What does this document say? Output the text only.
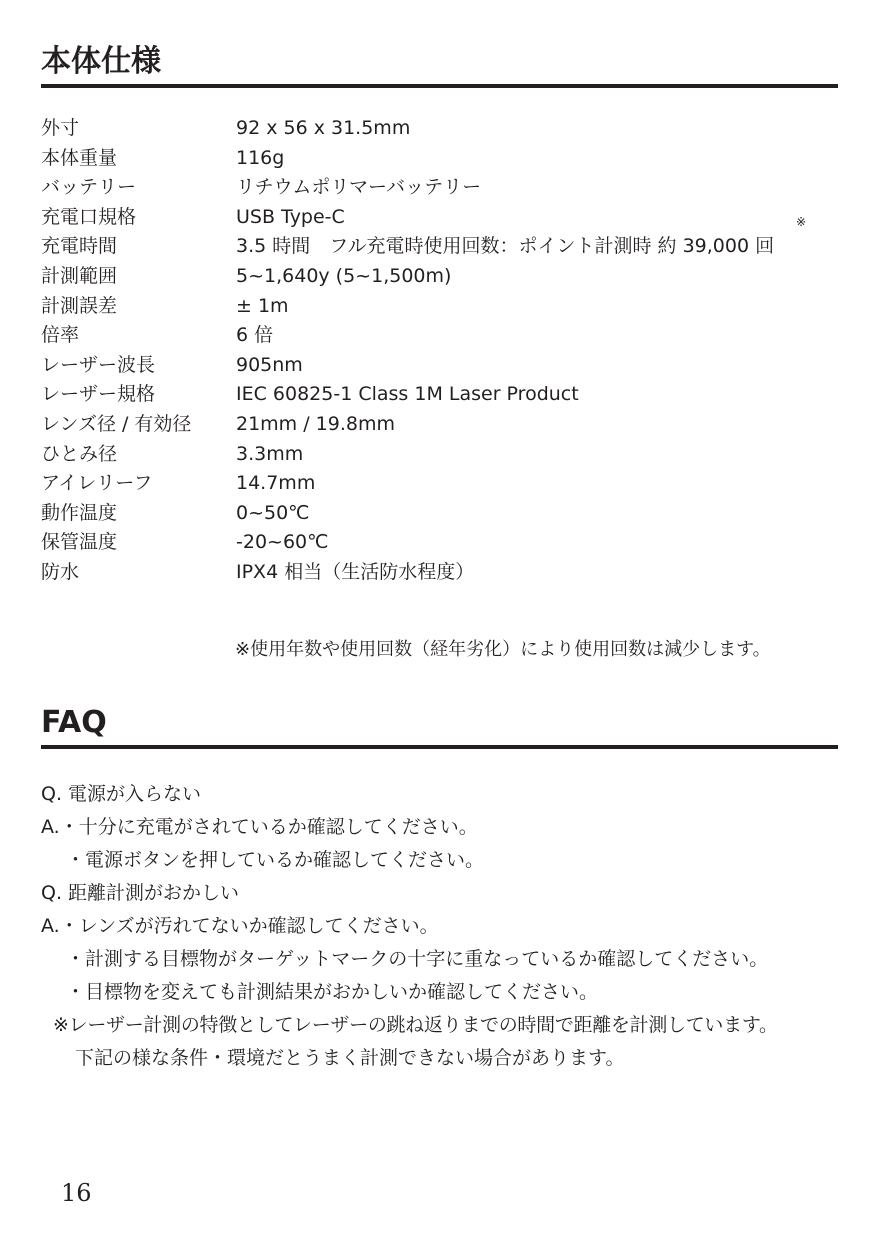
本体仕様
外寸	92 x 56 x 31.5mm
本体重量	116g
バッテリー	リチウムポリマーバッテリー
充電口規格	USB Type-C
充電時間	3.5 時間　フル充電時使用回数：ポイント計測時 約 39,000 回
計測範囲	5~1,640y (5~1,500m)
計測誤差	± 1m
倍率	6 倍
レーザー波長	905nm
レーザー規格	IEC 60825-1 Class 1M Laser Product
レンズ径 / 有効径 21mm / 19.8mm
ひとみ径	3.3mm
アイレリーフ	14.7mm
動作温度	0~50℃
保管温度	-20~60℃
防水	IPX4 相当（生活防水程度）
※
※使用年数や使用回数（経年劣化）により使用回数は減少します。
FAQ
Q. 電源が入らない
A.・十分に充電がされているか確認してください。
・電源ボタンを押しているか確認してください。
Q. 距離計測がおかしい
A.・レンズが汚れてないか確認してください。
・計測する目標物がターゲットマークの十字に重なっているか確認してください。
・目標物を変えても計測結果がおかしいか確認してください。
※レーザー計測の特徴としてレーザーの跳ね返りまでの時間で距離を計測しています。
下記の様な条件・環境だとうまく計測できない場合があります。
16
